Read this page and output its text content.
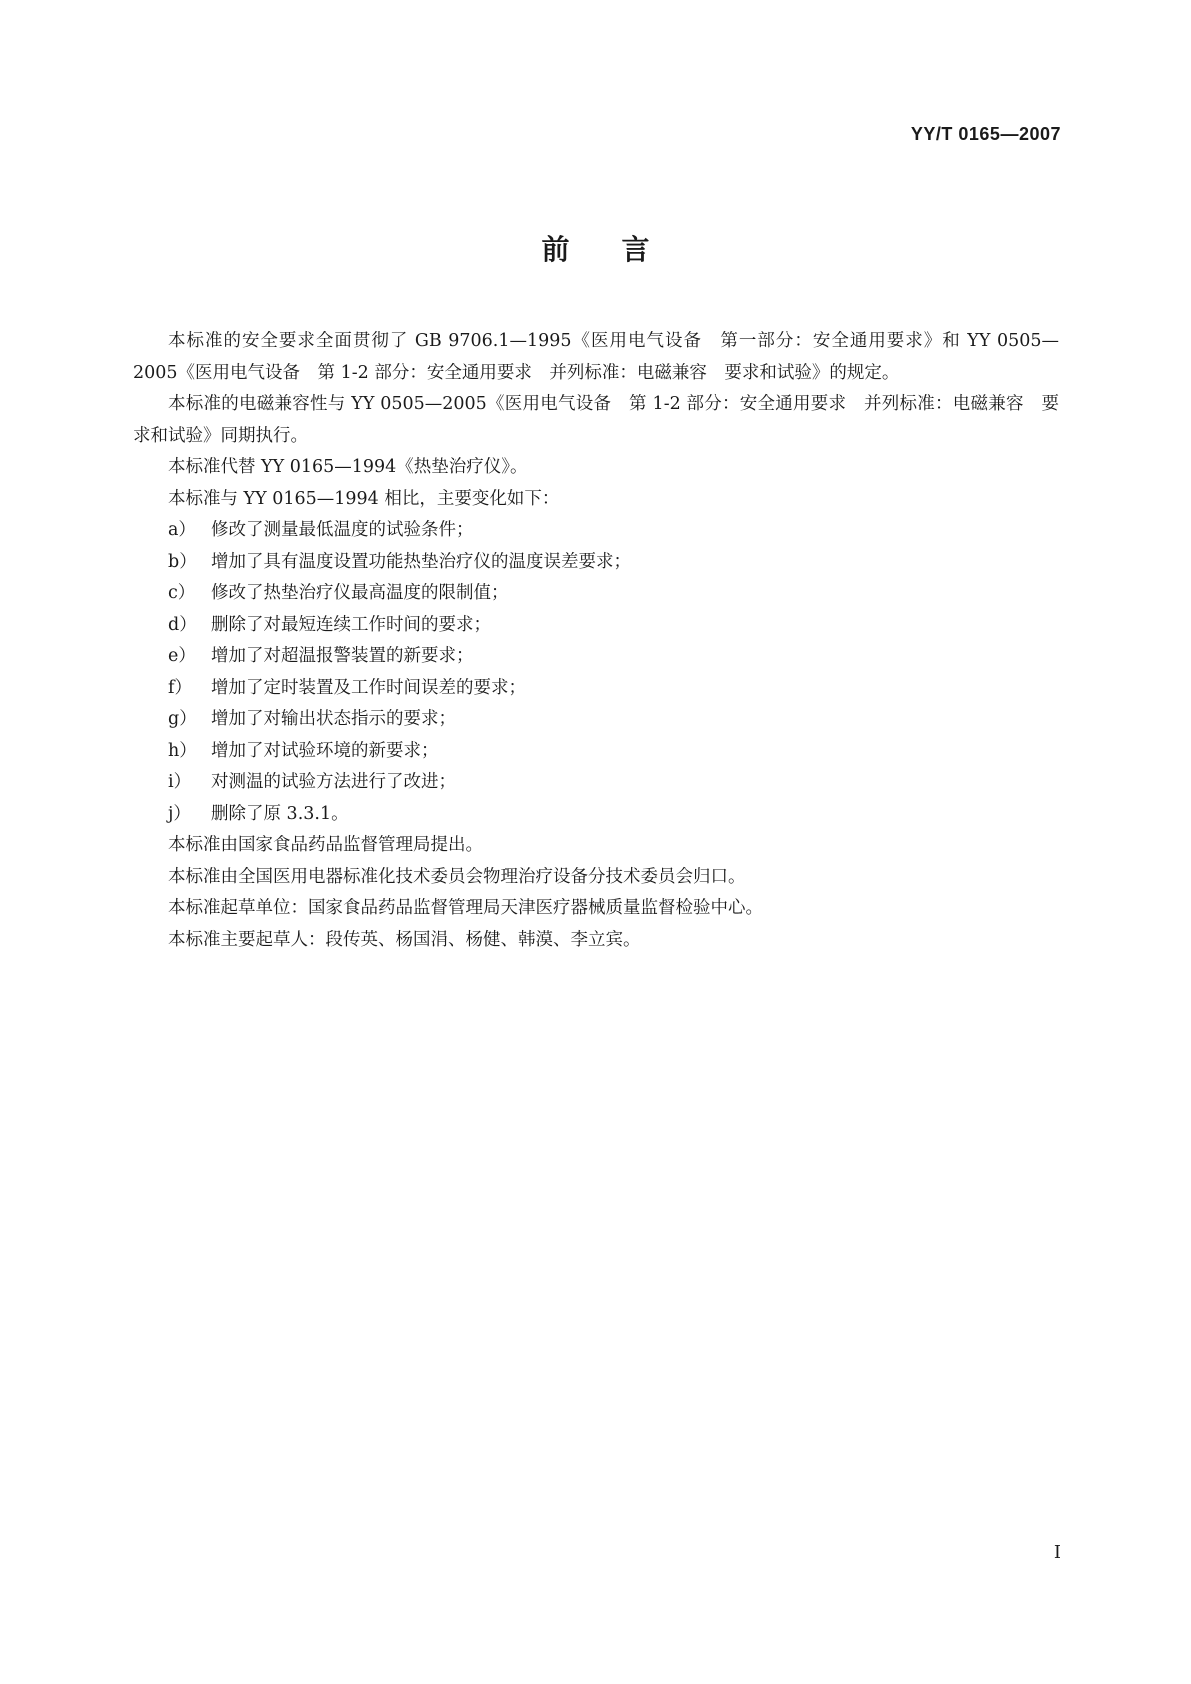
YY/T 0165—2007
前言

本标准的安全要求全面贯彻了 GB 9706.1—1995《医用电气设备　第一部分：安全通用要求》和 YY 0505—2005《医用电气设备　第 1-2 部分：安全通用要求　并列标准：电磁兼容　要求和试验》的规定。

本标准的电磁兼容性与 YY 0505—2005《医用电气设备　第 1-2 部分：安全通用要求　并列标准：电磁兼容　要求和试验》同期执行。

本标准代替 YY 0165—1994《热垫治疗仪》。

本标准与 YY 0165—1994 相比，主要变化如下：

a） 修改了测量最低温度的试验条件；

b） 增加了具有温度设置功能热垫治疗仪的温度误差要求；

c） 修改了热垫治疗仪最高温度的限制值；

d） 删除了对最短连续工作时间的要求；

e） 增加了对超温报警装置的新要求；

f） 增加了定时装置及工作时间误差的要求；

g） 增加了对输出状态指示的要求；

h） 增加了对试验环境的新要求；

i） 对测温的试验方法进行了改进；

j） 删除了原 3.3.1。

本标准由国家食品药品监督管理局提出。

本标准由全国医用电器标准化技术委员会物理治疗设备分技术委员会归口。

本标准起草单位：国家食品药品监督管理局天津医疗器械质量监督检验中心。

本标准主要起草人：段传英、杨国涓、杨健、韩漠、李立宾。

I
